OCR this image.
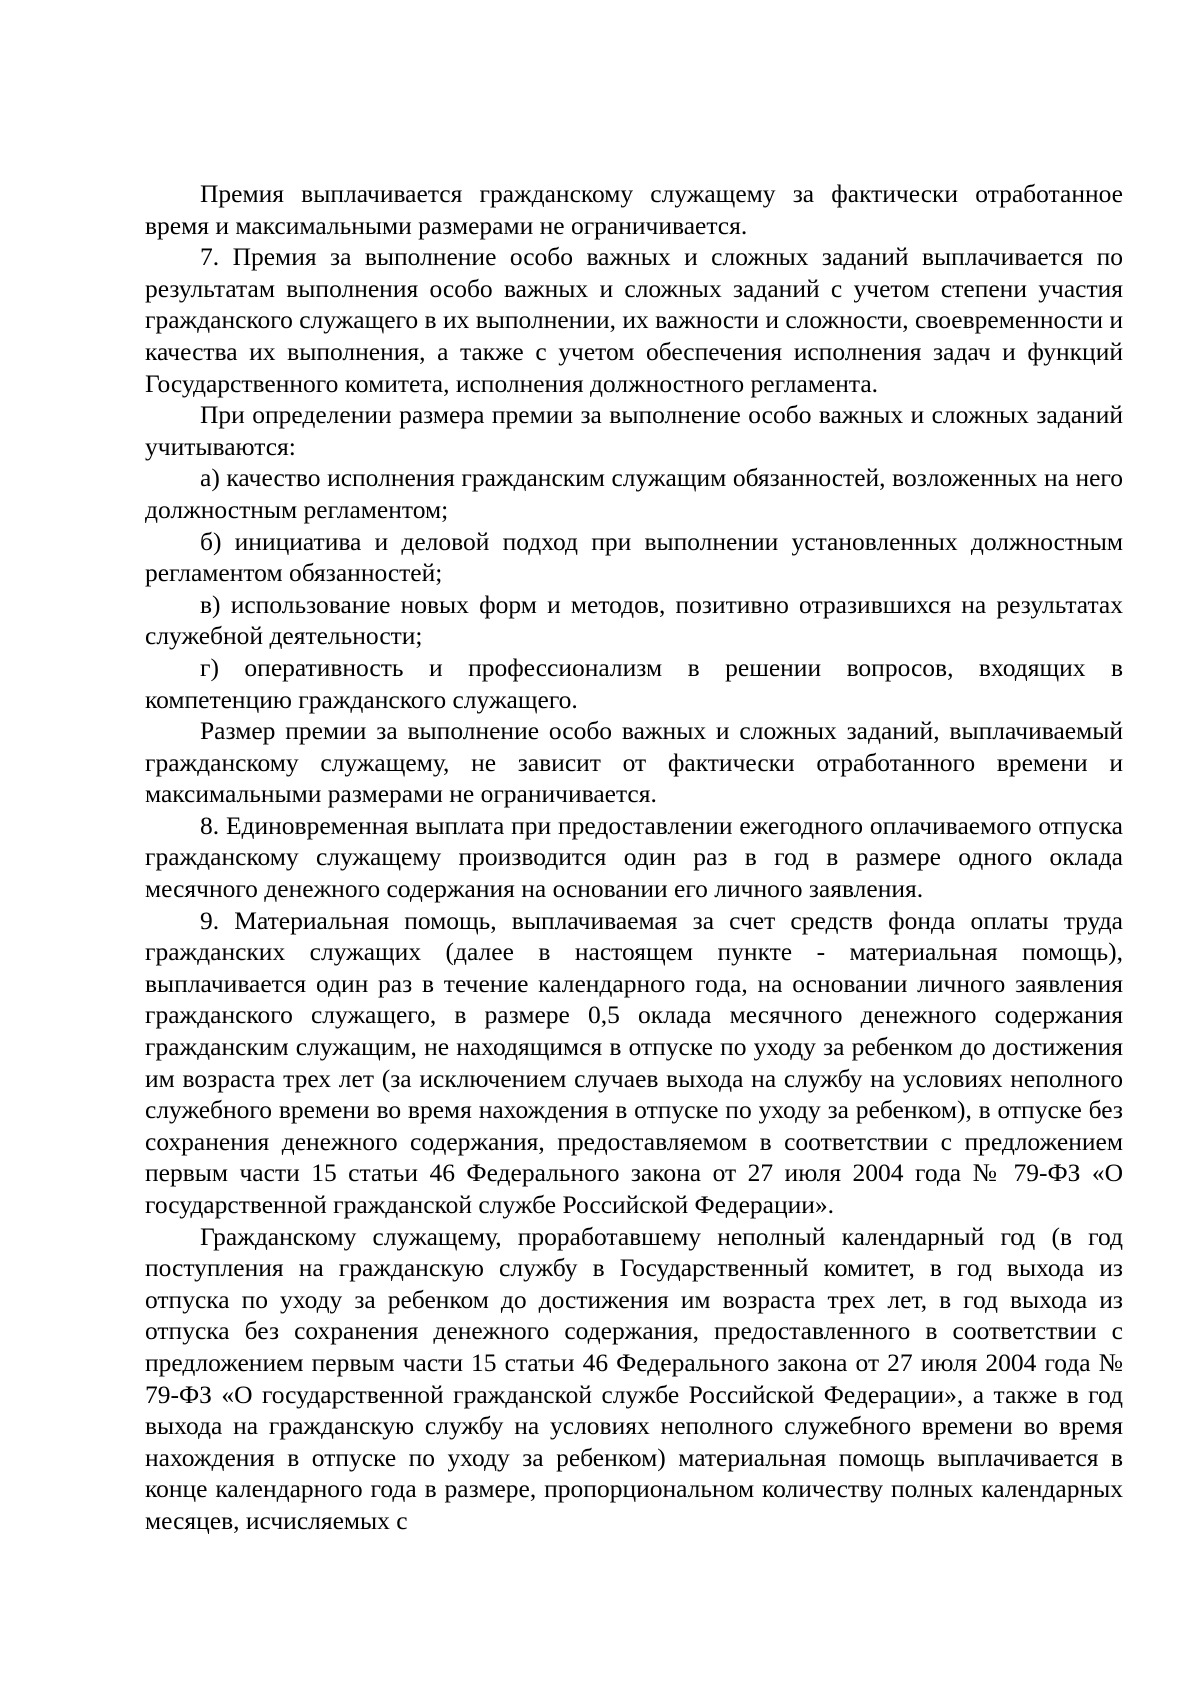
Премия выплачивается гражданскому служащему за фактически отработанное время и максимальными размерами не ограничивается.

7. Премия за выполнение особо важных и сложных заданий выплачивается по результатам выполнения особо важных и сложных заданий с учетом степени участия гражданского служащего в их выполнении, их важности и сложности, своевременности и качества их выполнения, а также с учетом обеспечения исполнения задач и функций Государственного комитета, исполнения должностного регламента.

При определении размера премии за выполнение особо важных и сложных заданий учитываются:

а) качество исполнения гражданским служащим обязанностей, возложенных на него должностным регламентом;

б) инициатива и деловой подход при выполнении установленных должностным регламентом обязанностей;

в) использование новых форм и методов, позитивно отразившихся на результатах служебной деятельности;

г) оперативность и профессионализм в решении вопросов, входящих в компетенцию гражданского служащего.

Размер премии за выполнение особо важных и сложных заданий, выплачиваемый гражданскому служащему, не зависит от фактически отработанного времени и максимальными размерами не ограничивается.

8. Единовременная выплата при предоставлении ежегодного оплачиваемого отпуска гражданскому служащему производится один раз в год в размере одного оклада месячного денежного содержания на основании его личного заявления.

9. Материальная помощь, выплачиваемая за счет средств фонда оплаты труда гражданских служащих (далее в настоящем пункте - материальная помощь), выплачивается один раз в течение календарного года, на основании личного заявления гражданского служащего, в размере 0,5 оклада месячного денежного содержания гражданским служащим, не находящимся в отпуске по уходу за ребенком до достижения им возраста трех лет (за исключением случаев выхода на службу на условиях неполного служебного времени во время нахождения в отпуске по уходу за ребенком), в отпуске без сохранения денежного содержания, предоставляемом в соответствии с предложением первым части 15 статьи 46 Федерального закона от 27 июля 2004 года № 79-ФЗ «О государственной гражданской службе Российской Федерации».

Гражданскому служащему, проработавшему неполный календарный год (в год поступления на гражданскую службу в Государственный комитет, в год выхода из отпуска по уходу за ребенком до достижения им возраста трех лет, в год выхода из отпуска без сохранения денежного содержания, предоставленного в соответствии с предложением первым части 15 статьи 46 Федерального закона от 27 июля 2004 года № 79-ФЗ «О государственной гражданской службе Российской Федерации», а также в год выхода на гражданскую службу на условиях неполного служебного времени во время нахождения в отпуске по уходу за ребенком) материальная помощь выплачивается в конце календарного года в размере, пропорциональном количеству полных календарных месяцев, исчисляемых с
